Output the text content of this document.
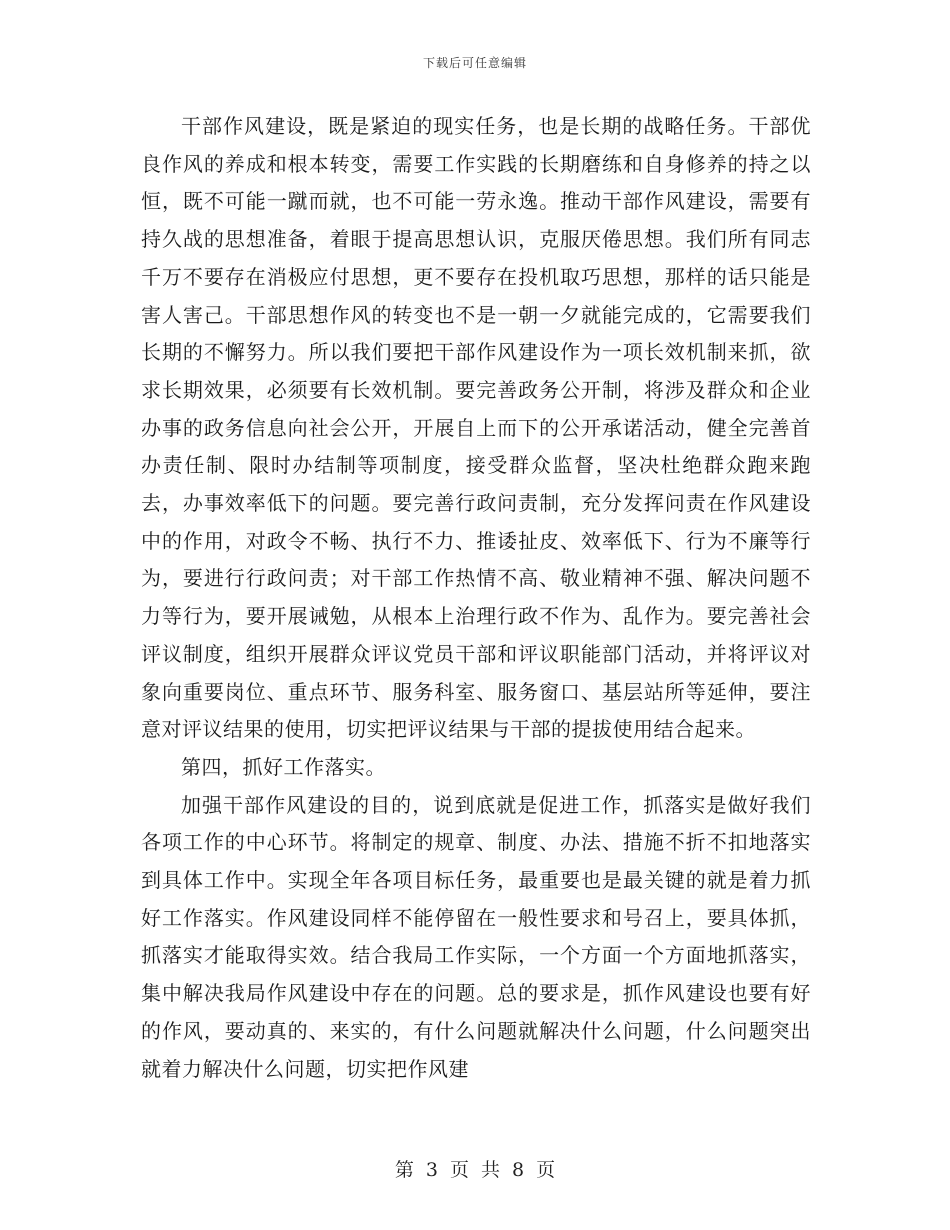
下载后可任意编辑

干部作风建设，既是紧迫的现实任务，也是长期的战略任务。干部优良作风的养成和根本转变，需要工作实践的长期磨练和自身修养的持之以恒，既不可能一蹴而就，也不可能一劳永逸。推动干部作风建设，需要有持久战的思想准备，着眼于提高思想认识，克服厌倦思想。我们所有同志千万不要存在消极应付思想，更不要存在投机取巧思想，那样的话只能是害人害己。干部思想作风的转变也不是一朝一夕就能完成的，它需要我们长期的不懈努力。所以我们要把干部作风建设作为一项长效机制来抓，欲求长期效果，必须要有长效机制。要完善政务公开制，将涉及群众和企业办事的政务信息向社会公开，开展自上而下的公开承诺活动，健全完善首办责任制、限时办结制等项制度，接受群众监督，坚决杜绝群众跑来跑去，办事效率低下的问题。要完善行政问责制，充分发挥问责在作风建设中的作用，对政令不畅、执行不力、推诿扯皮、效率低下、行为不廉等行为，要进行行政问责；对干部工作热情不高、敬业精神不强、解决问题不力等行为，要开展诫勉，从根本上治理行政不作为、乱作为。要完善社会评议制度，组织开展群众评议党员干部和评议职能部门活动，并将评议对象向重要岗位、重点环节、服务科室、服务窗口、基层站所等延伸，要注意对评议结果的使用，切实把评议结果与干部的提拔使用结合起来。

第四，抓好工作落实。

加强干部作风建设的目的，说到底就是促进工作，抓落实是做好我们各项工作的中心环节。将制定的规章、制度、办法、措施不折不扣地落实到具体工作中。实现全年各项目标任务，最重要也是最关键的就是着力抓好工作落实。作风建设同样不能停留在一般性要求和号召上，要具体抓，抓落实才能取得实效。结合我局工作实际，一个方面一个方面地抓落实，集中解决我局作风建设中存在的问题。总的要求是，抓作风建设也要有好的作风，要动真的、来实的，有什么问题就解决什么问题，什么问题突出就着力解决什么问题，切实把作风建

第 3 页 共 8 页
